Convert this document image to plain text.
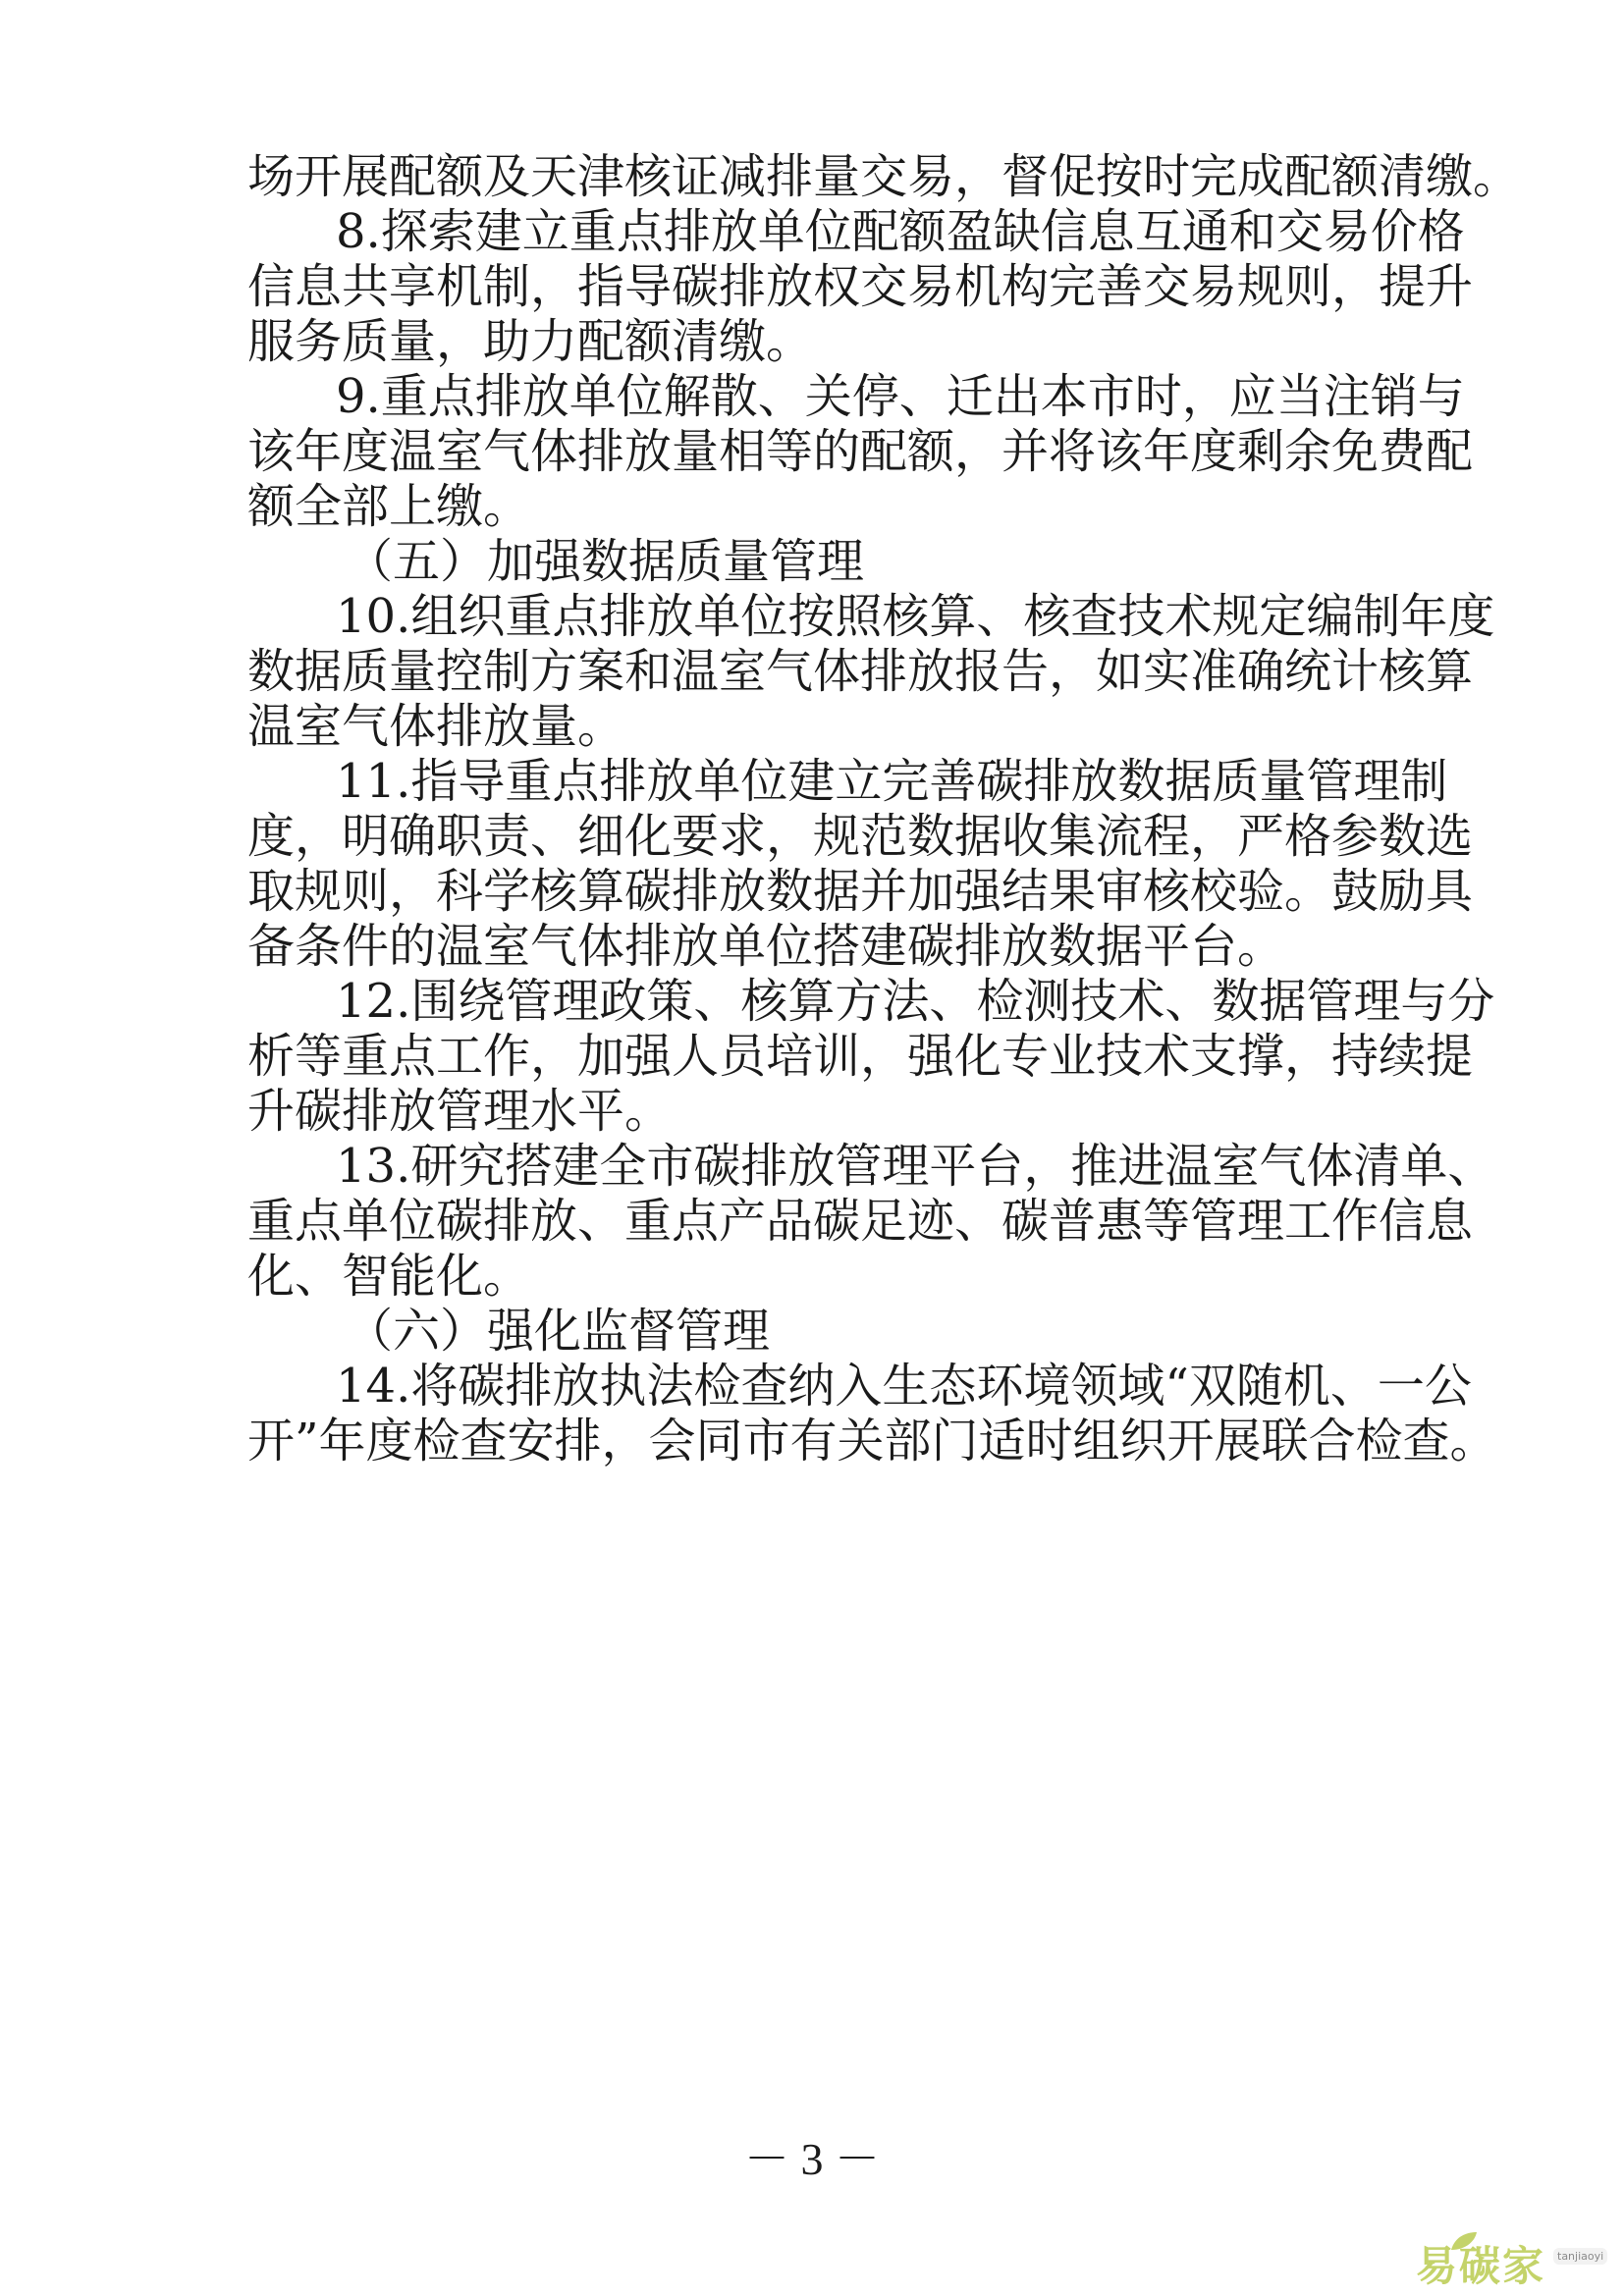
场开展配额及天津核证减排量交易，督促按时完成配额清缴。
8.探索建立重点排放单位配额盈缺信息互通和交易价格
信息共享机制，指导碳排放权交易机构完善交易规则，提升
服务质量，助力配额清缴。
9.重点排放单位解散、关停、迁出本市时，应当注销与
该年度温室气体排放量相等的配额，并将该年度剩余免费配
额全部上缴。
（五）加强数据质量管理
10.组织重点排放单位按照核算、核查技术规定编制年度
数据质量控制方案和温室气体排放报告，如实准确统计核算
温室气体排放量。
11.指导重点排放单位建立完善碳排放数据质量管理制
度，明确职责、细化要求，规范数据收集流程，严格参数选
取规则，科学核算碳排放数据并加强结果审核校验。鼓励具
备条件的温室气体排放单位搭建碳排放数据平台。
12.围绕管理政策、核算方法、检测技术、数据管理与分
析等重点工作，加强人员培训，强化专业技术支撑，持续提
升碳排放管理水平。
13.研究搭建全市碳排放管理平台，推进温室气体清单、
重点单位碳排放、重点产品碳足迹、碳普惠等管理工作信息
化、智能化。
（六）强化监督管理
14.将碳排放执法检查纳入生态环境领域“双随机、一公
开”年度检查安排，会同市有关部门适时组织开展联合检查。
－ 3 －
易碳家	tanjiaoyi
